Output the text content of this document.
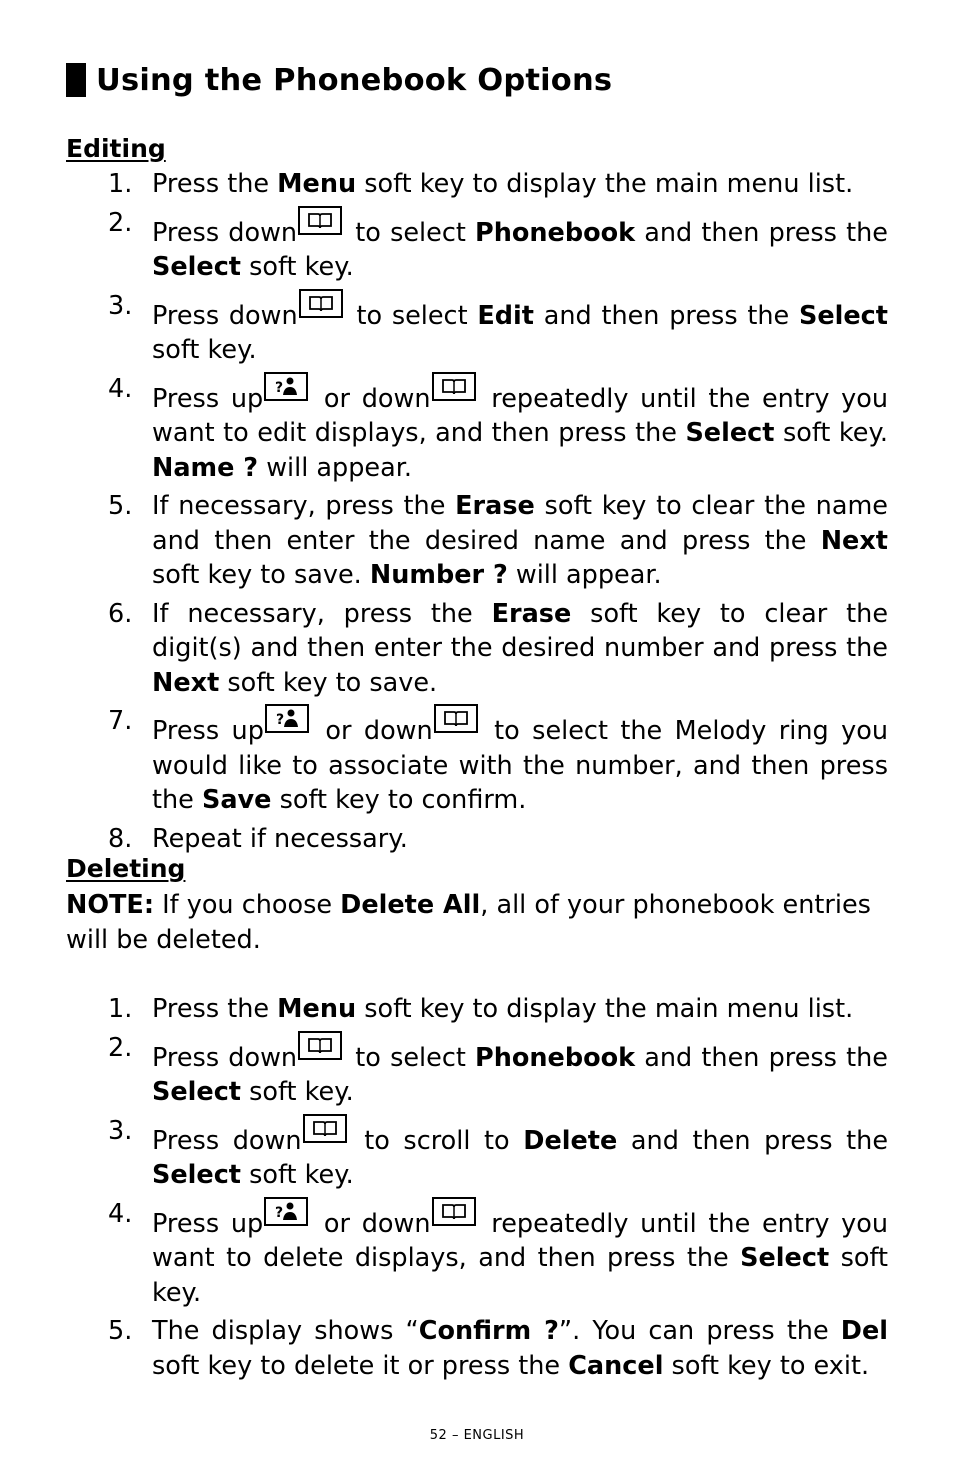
Using the Phonebook Options
Editing
1. Press the Menu soft key to display the main menu list.
2. Press down
to select Phonebook and then press the Select soft key.
3. Press down
to select Edit and then press the Select soft key.
4. Press up ? or down
repeatedly until the entry you want to edit displays, and then press the Select soft key. Name ? will appear.
5. If necessary, press the Erase soft key to clear the name and then enter the desired name and press the Next soft key to save. Number ? will appear.
6. If necessary, press the Erase soft key to clear the digit(s) and then enter the desired number and press the Next soft key to save.
7. Press up ? or down
to select the Melody ring you would like to associate with the number, and then press the Save soft key to confirm.
8. Repeat if necessary.
Deleting
NOTE: If you choose Delete All, all of your phonebook entries will be deleted.
1. Press the Menu soft key to display the main menu list.
2. Press down
to select Phonebook and then press the Select soft key.
3. Press down
to scroll to Delete and then press the Select soft key.
4. Press up ? or down
repeatedly until the entry you want to delete displays, and then press the Select soft key.
5. The display shows “Confirm ?”. You can press the Del soft key to delete it or press the Cancel soft key to exit.
52 – ENGLISH
